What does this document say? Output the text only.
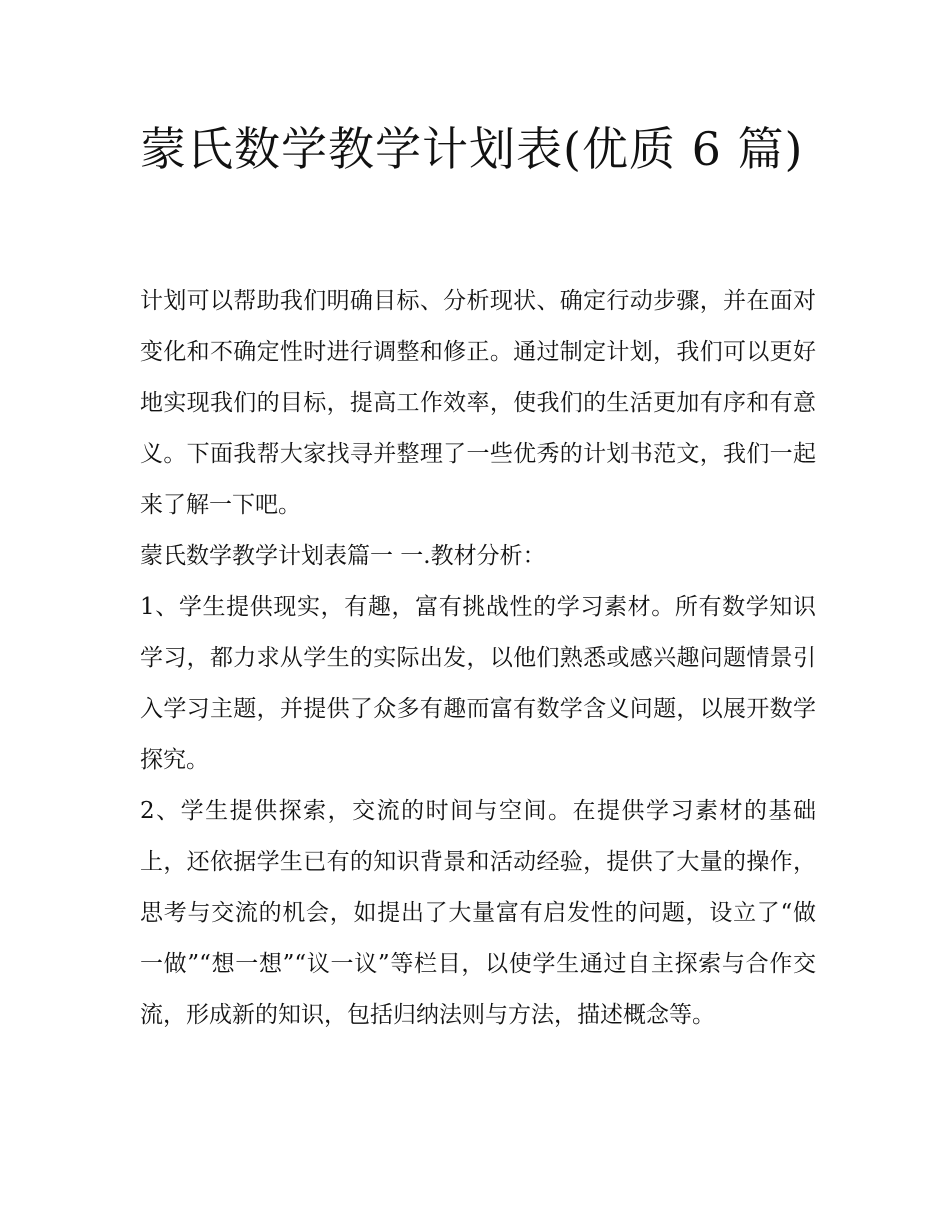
蒙氏数学教学计划表(优质 6 篇)

计划可以帮助我们明确目标、分析现状、确定行动步骤，并在面对变化和不确定性时进行调整和修正。通过制定计划，我们可以更好地实现我们的目标，提高工作效率，使我们的生活更加有序和有意义。下面我帮大家找寻并整理了一些优秀的计划书范文，我们一起来了解一下吧。

蒙氏数学教学计划表篇一 一.教材分析：

1、学生提供现实，有趣，富有挑战性的学习素材。所有数学知识学习，都力求从学生的实际出发，以他们熟悉或感兴趣问题情景引入学习主题，并提供了众多有趣而富有数学含义问题，以展开数学探究。

2、学生提供探索，交流的时间与空间。在提供学习素材的基础上，还依据学生已有的知识背景和活动经验，提供了大量的操作，思考与交流的机会，如提出了大量富有启发性的问题，设立了“做一做”“想一想”“议一议”等栏目，以使学生通过自主探索与合作交流，形成新的知识，包括归纳法则与方法，描述概念等。
